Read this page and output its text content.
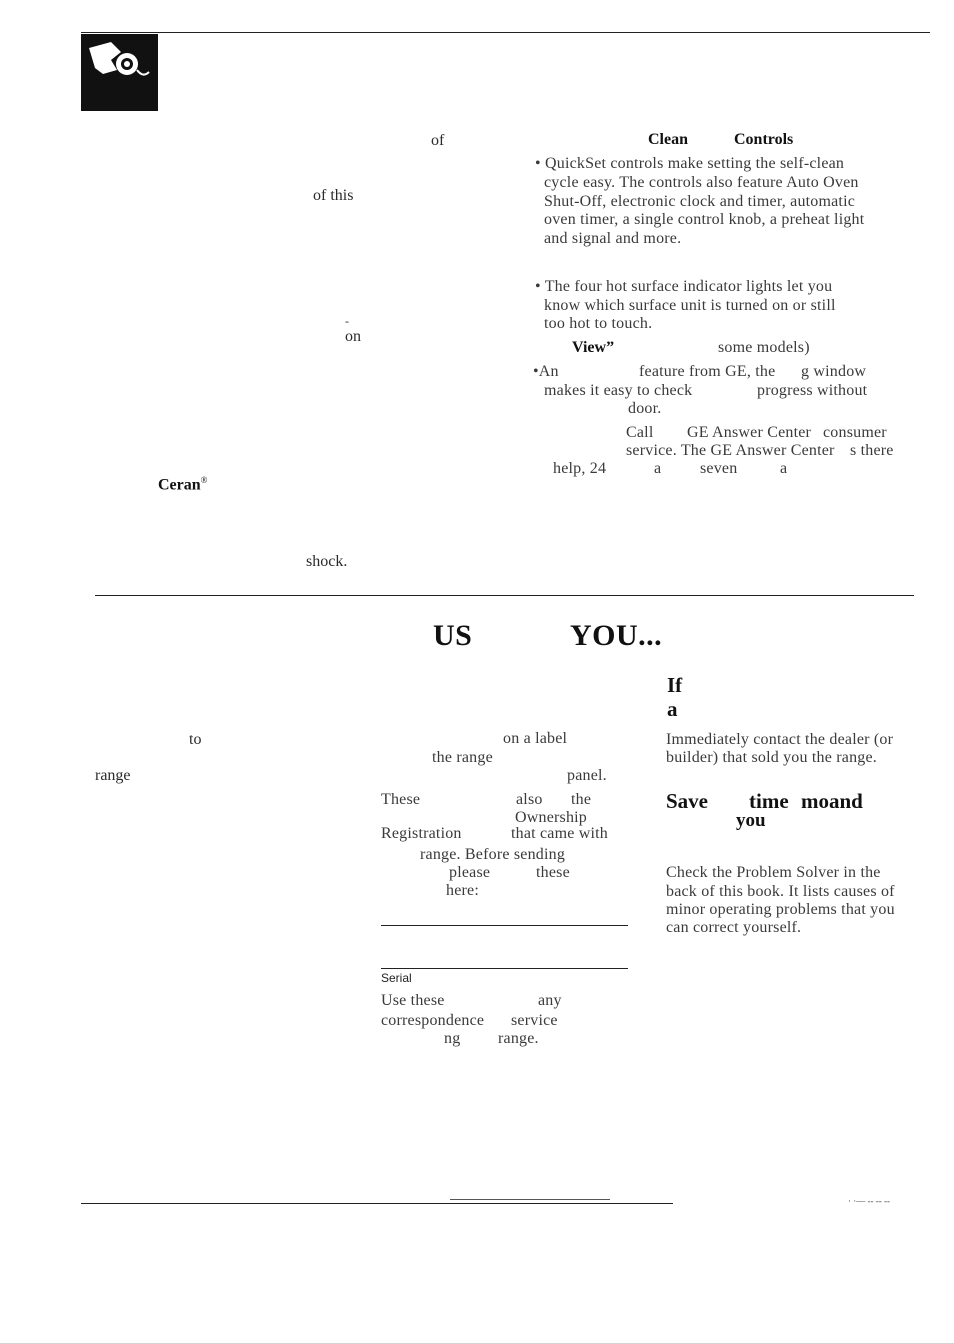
of
of this
-
on
Ceran®
shock.
Clean	Controls
• QuickSet controls make setting the self-clean
cycle easy. The controls also feature Auto Oven
Shut-Off, electronic clock and timer, automatic
oven timer, a single control knob, a preheat light
and signal and more.
• The four hot surface indicator lights let you
know which surface unit is turned on or still
too hot to touch.
View”	some models)
•An	feature from GE, the g window
makes it easy to check	progress without
door.
Call GE Answer Center consumer
service. The GE Answer Center s there
help, 24	a seven	a
US	YOU...
to
range
on a label
the range
panel.
These	also the
Ownership
Registration	that came with
range. Before sending
please	these
here:
Serial
Use these	any
correspondence service
ng range.
If
a
Immediately contact the dealer (or
builder) that sold you the range.
Save time moand
you
Check the Problem Solver in the
back of this book. It lists causes of
minor operating problems that you
can correct yourself.
· ·— -- -- --
